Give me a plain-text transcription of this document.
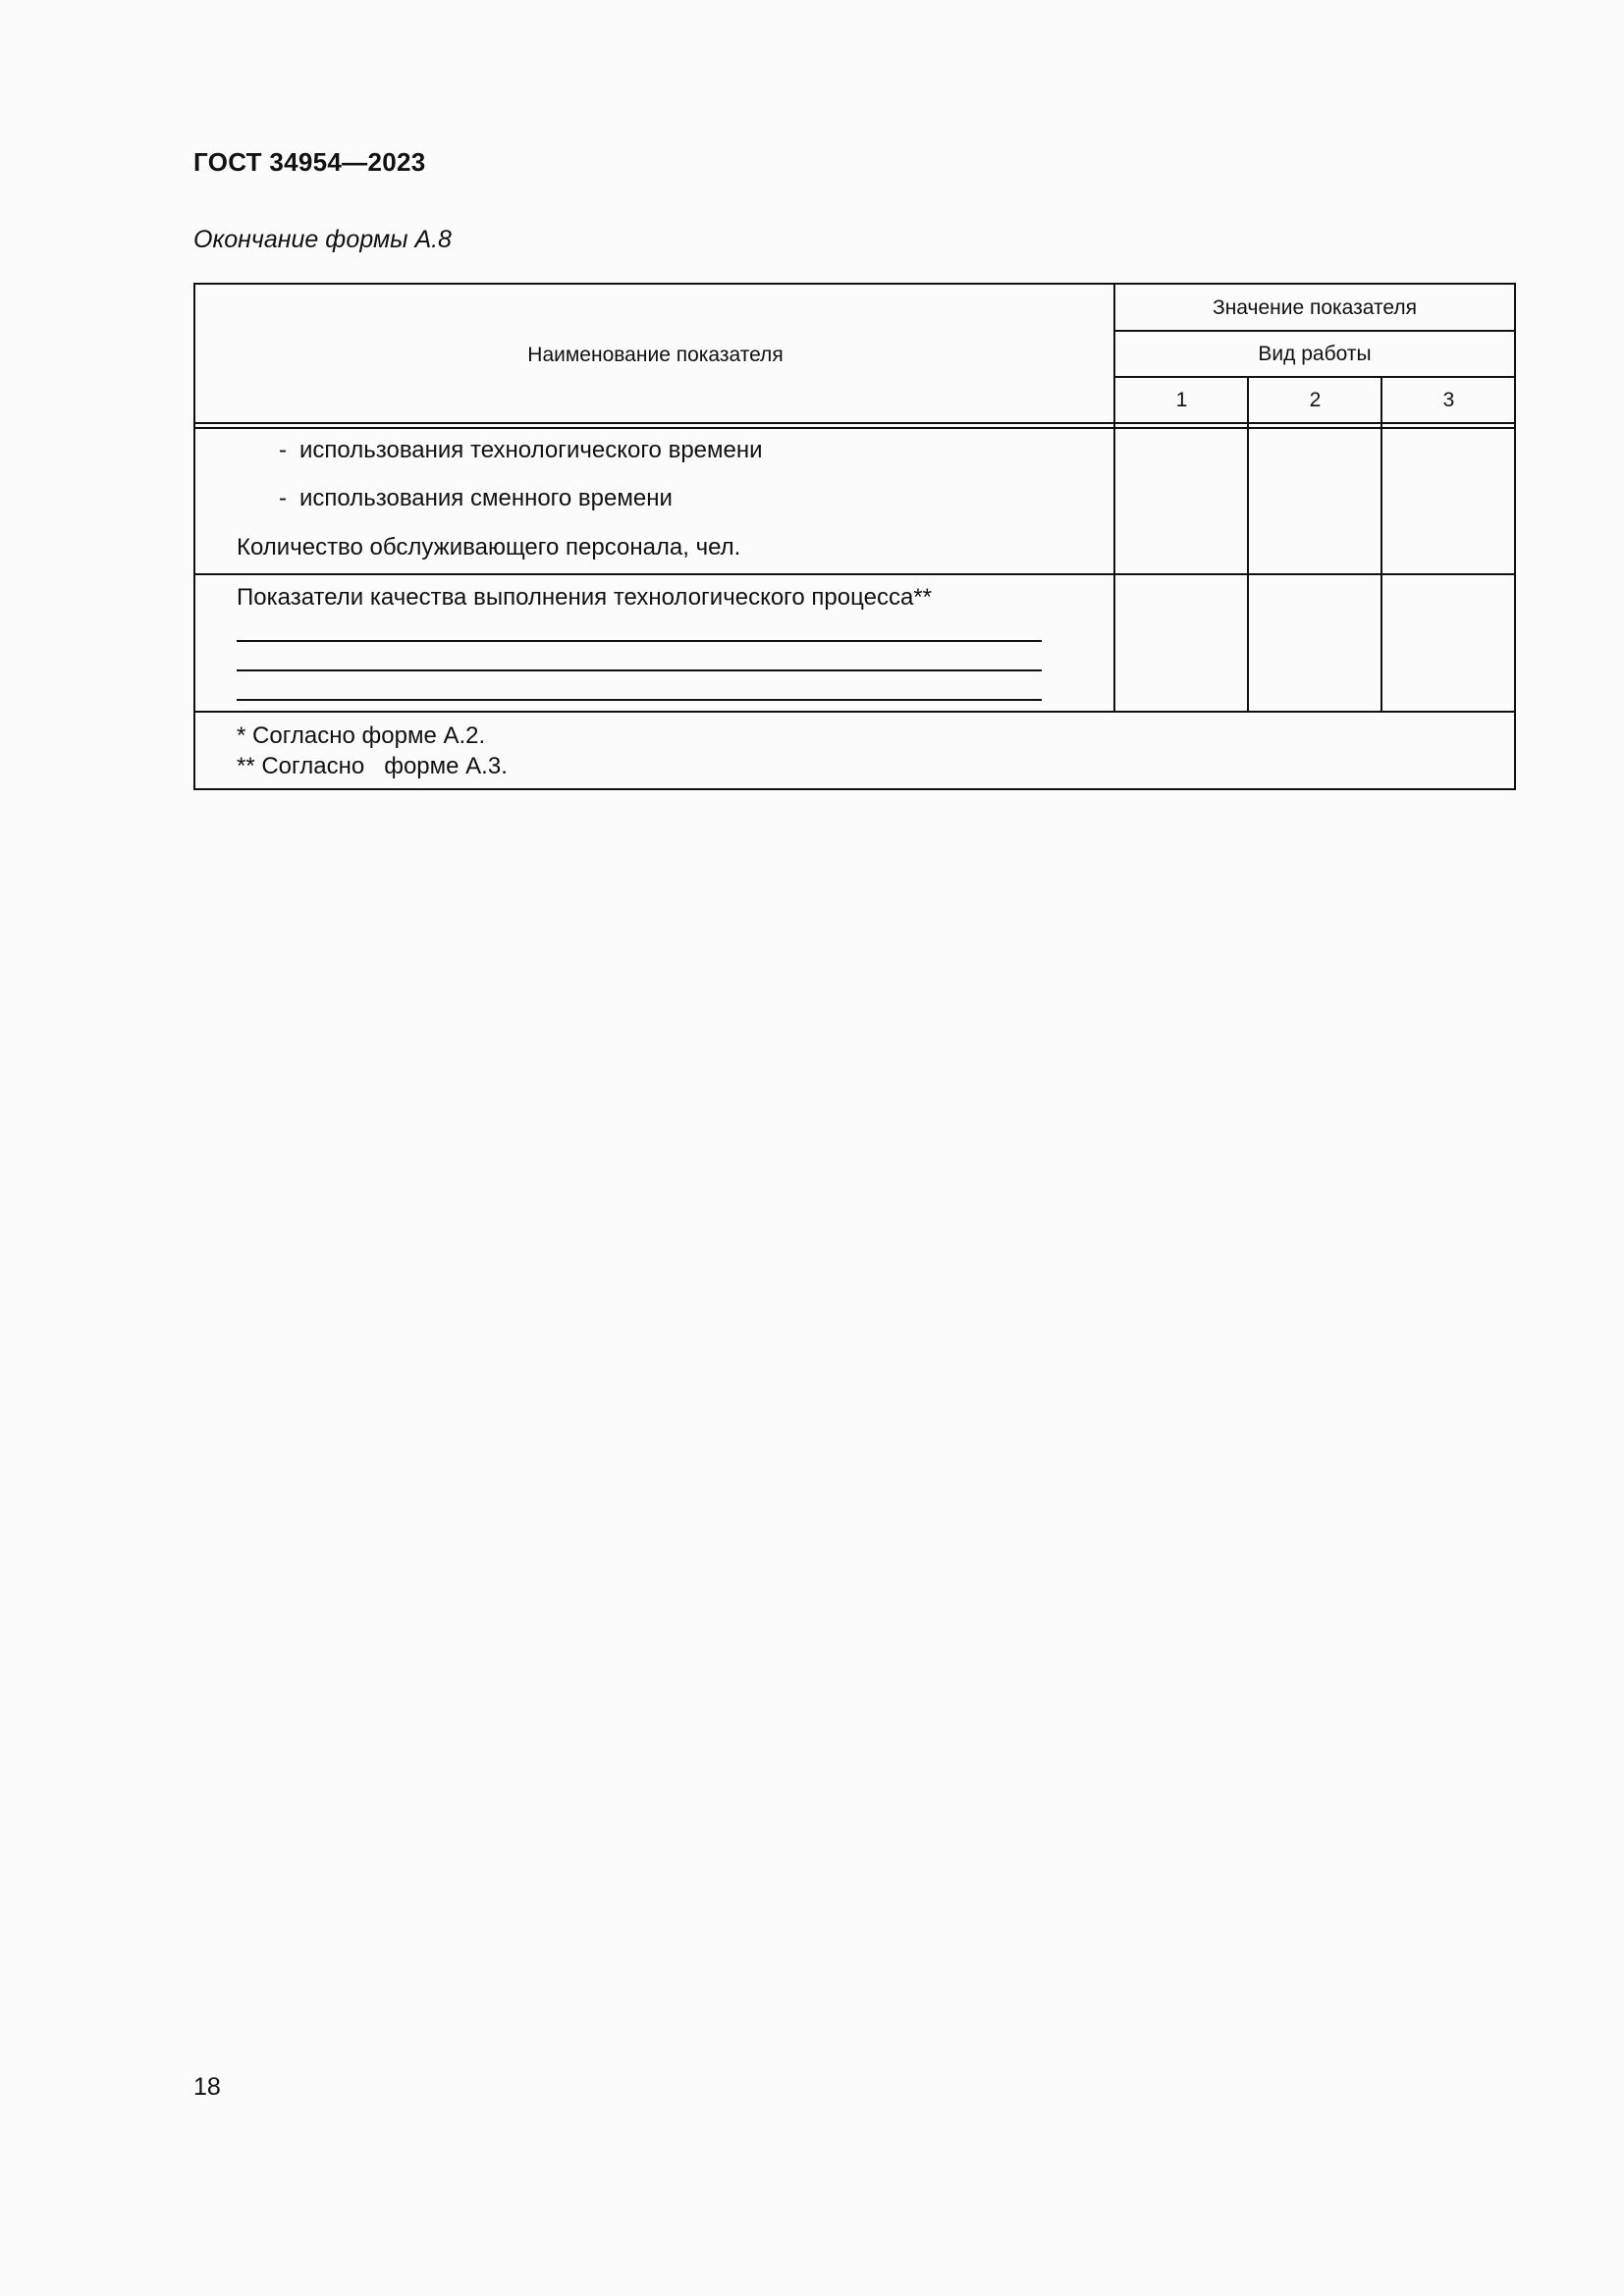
ГОСТ 34954—2023
Окончание формы А.8
Наименование показателя
Значение показателя
Вид работы
1	2	3
- использования технологического времени
- использования сменного времени
Количество обслуживающего персонала, чел.
Показатели качества выполнения технологического процесса**
* Согласно форме А.2.
** Согласно   форме А.3.
18
